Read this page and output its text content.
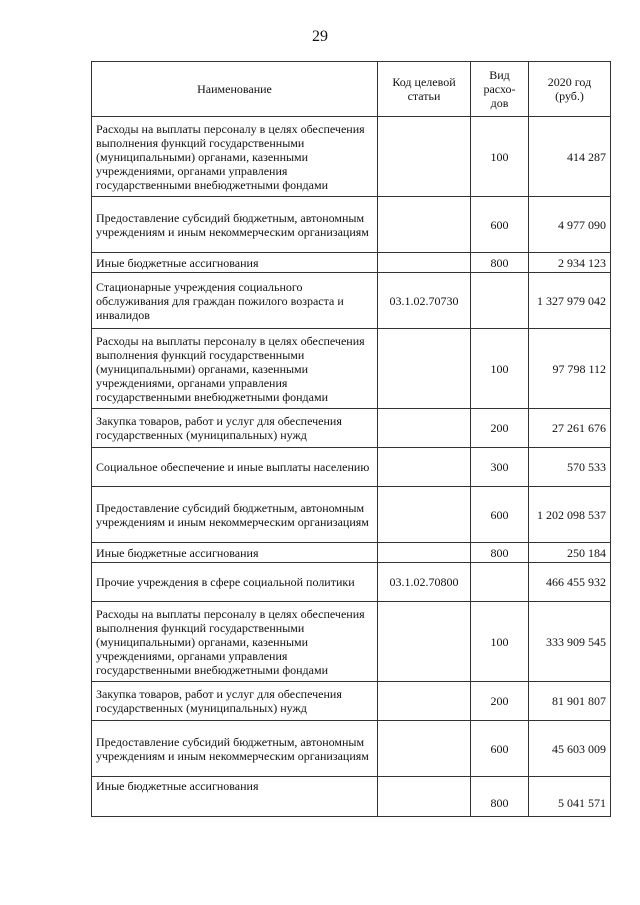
29
Наименование	Код целевой статьи	Вид расхо-дов	2020 год (руб.)
Расходы на выплаты персоналу в целях обеспечения выполнения функций государственными (муниципальными) органами, казенными учреждениями, органами управления государственными внебюджетными фондами		100	414 287
Предоставление субсидий бюджетным, автономным учреждениям и иным некоммерческим организациям		600	4 977 090
Иные бюджетные ассигнования		800	2 934 123
Стационарные учреждения социального обслуживания для граждан пожилого возраста и инвалидов	03.1.02.70730		1 327 979 042
Расходы на выплаты персоналу в целях обеспечения выполнения функций государственными (муниципальными) органами, казенными учреждениями, органами управления государственными внебюджетными фондами		100	97 798 112
Закупка товаров, работ и услуг для обеспечения государственных (муниципальных) нужд		200	27 261 676
Социальное обеспечение и иные выплаты населению		300	570 533
Предоставление субсидий бюджетным, автономным учреждениям и иным некоммерческим организациям		600	1 202 098 537
Иные бюджетные ассигнования		800	250 184
Прочие учреждения в сфере социальной политики	03.1.02.70800		466 455 932
Расходы на выплаты персоналу в целях обеспечения выполнения функций государственными (муниципальными) органами, казенными учреждениями, органами управления государственными внебюджетными фондами		100	333 909 545
Закупка товаров, работ и услуг для обеспечения государственных (муниципальных) нужд		200	81 901 807
Предоставление субсидий бюджетным, автономным учреждениям и иным некоммерческим организациям		600	45 603 009
Иные бюджетные ассигнования		800	5 041 571
